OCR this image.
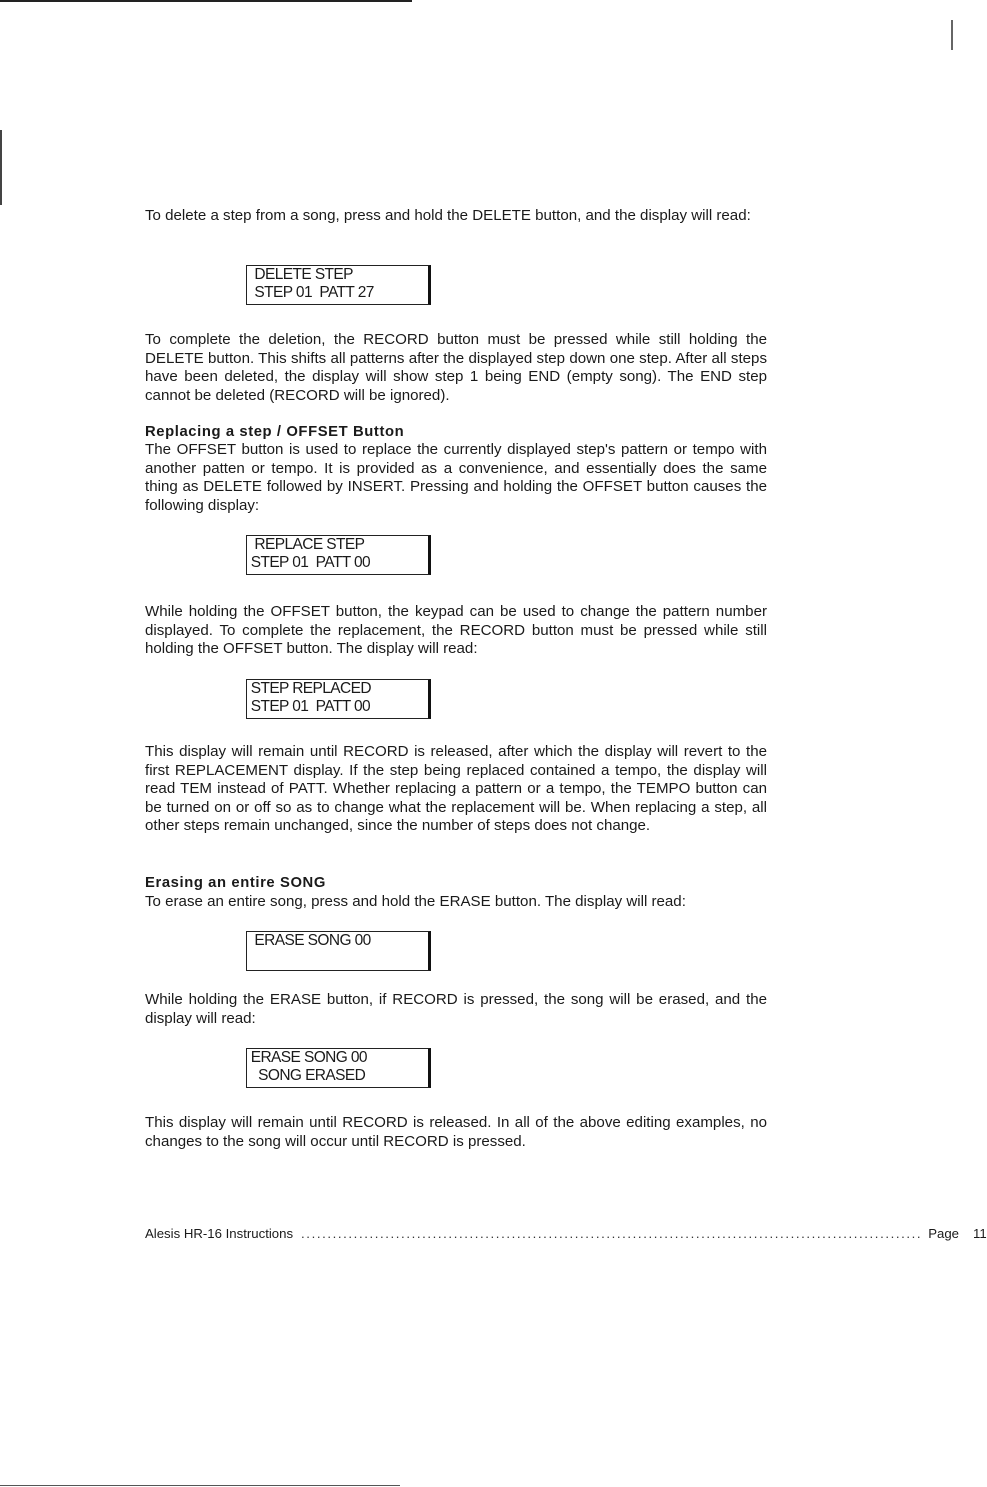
To delete a step from a song, press and hold the DELETE button, and the display will read:

DELETE STEP
STEP 01  PATT 27

To complete the deletion, the RECORD button must be pressed while still holding the DELETE button. This shifts all patterns after the displayed step down one step. After all steps have been deleted, the display will show step 1 being END (empty song). The END step cannot be deleted (RECORD will be ignored).

Replacing a step / OFFSET Button

The OFFSET button is used to replace the currently displayed step's pattern or tempo with another patten or tempo. It is provided as a convenience, and essentially does the same thing as DELETE followed by INSERT. Pressing and holding the OFFSET button causes the following display:

REPLACE STEP
STEP 01  PATT 00

While holding the OFFSET button, the keypad can be used to change the pattern number displayed. To complete the replacement, the RECORD button must be pressed while still holding the OFFSET button. The display will read:

STEP REPLACED
STEP 01  PATT 00

This display will remain until RECORD is released, after which the display will revert to the first REPLACEMENT display. If the step being replaced contained a tempo, the display will read TEM instead of PATT. Whether replacing a pattern or a tempo, the TEMPO button can be turned on or off so as to change what the replacement will be. When replacing a step, all other steps remain unchanged, since the number of steps does not change.

Erasing an entire SONG

To erase an entire song, press and hold the ERASE button. The display will read:

ERASE SONG 00

While holding the ERASE button, if RECORD is pressed, the song will be erased, and the display will read:

ERASE SONG 00
SONG ERASED

This display will remain until RECORD is released. In all of the above editing examples, no changes to the song will occur until RECORD is pressed.

Alesis HR-16 Instructions ...................................................................................................................... Page 11
